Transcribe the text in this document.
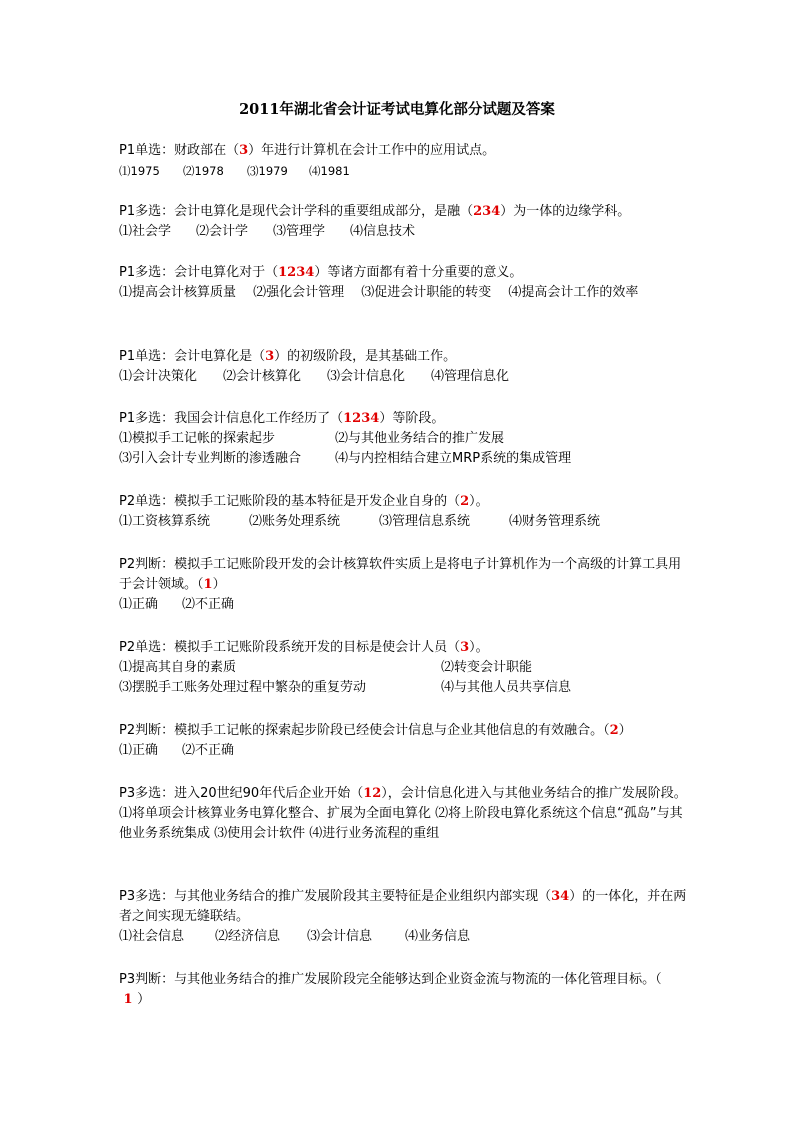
2011年湖北省会计证考试电算化部分试题及答案

P1单选：财政部在（3）年进行计算机在会计工作中的应用试点。

⑴1975 ⑵1978 ⑶1979 ⑷1981

P1多选：会计电算化是现代会计学科的重要组成部分，是融（234）为一体的边缘学科。

⑴社会学 ⑵会计学 ⑶管理学 ⑷信息技术

P1多选：会计电算化对于（1234）等诸方面都有着十分重要的意义。

⑴提高会计核算质量　 ⑵强化会计管理　 ⑶促进会计职能的转变　 ⑷提高会计工作的效率

P1单选：会计电算化是（3）的初级阶段，是其基础工作。

⑴会计决策化 ⑵会计核算化 ⑶会计信息化 ⑷管理信息化

P1多选：我国会计信息化工作经历了（1234）等阶段。

⑴模拟手工记帐的探索起步	⑵与其他业务结合的推广发展

⑶引入会计专业判断的渗透融合	⑷与内控相结合建立MRP系统的集成管理

P2单选：模拟手工记账阶段的基本特征是开发企业自身的（2）。

⑴工资核算系统	⑵账务处理系统	⑶管理信息系统	⑷财务管理系统

P2判断：模拟手工记账阶段开发的会计核算软件实质上是将电子计算机作为一个高级的计算工具用于会计领域。（1）

⑴正确 ⑵不正确

P2单选：模拟手工记账阶段系统开发的目标是使会计人员（3）。

⑴提高其自身的素质	⑵转变会计职能

⑶摆脱手工账务处理过程中繁杂的重复劳动	⑷与其他人员共享信息

P2判断：模拟手工记帐的探索起步阶段已经使会计信息与企业其他信息的有效融合。（2）

⑴正确 ⑵不正确

P3多选：进入20世纪90年代后企业开始（12），会计信息化进入与其他业务结合的推广发展阶段。

⑴将单项会计核算业务电算化整合、扩展为全面电算化 ⑵将上阶段电算化系统这个信息“孤岛”与其他业务系统集成 ⑶使用会计软件 ⑷进行业务流程的重组

P3多选：与其他业务结合的推广发展阶段其主要特征是企业组织内部实现（34）的一体化，并在两者之间实现无缝联结。

⑴社会信息 ⑵经济信息 ⑶会计信息	⑷业务信息

P3判断：与其他业务结合的推广发展阶段完全能够达到企业资金流与物流的一体化管理目标。（ 1 ）
